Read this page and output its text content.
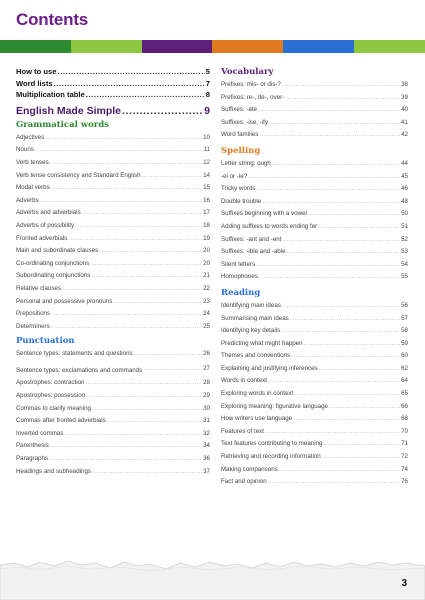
Contents
How to use .....	5
Word lists .....	7
Multiplication table .....	8
English Made Simple .....	9
Grammatical words
Adjectives .....	10
Nouns .....	11
Verb tenses .....	12
Verb tense consistency and Standard English .....	14
Modal verbs .....	15
Adverbs .....	16
Adverbs and adverbials .....	17
Adverbs of possibility .....	18
Fronted adverbials .....	19
Main and subordinate clauses .....	20
Co-ordinating conjunctions .....	20
Subordinating conjunctions .....	21
Relative clauses .....	22
Personal and possessive pronouns .....	23
Prepositions .....	24
Determiners .....	25
Punctuation
Sentence types: statements and questions .....	26
Sentence types: exclamations and commands .....	27
Apostrophes: contraction .....	28
Apostrophes: possession .....	29
Commas to clarify meaning .....	30
Commas after fronted adverbials .....	31
Inverted commas .....	32
Parenthesis .....	34
Paragraphs .....	36
Headings and subheadings .....	37
Vocabulary
Prefixes: mis- or dis-? .....	38
Prefixes: re-, de-, over- .....	39
Suffixes: -ate .....	40
Suffixes: -ise, -ify .....	41
Word families .....	42
Spelling
Letter string: ough .....	44
-ei or -ie? .....	45
Tricky words .....	46
Double trouble .....	48
Suffixes beginning with a vowel .....	50
Adding suffixes to words ending fer .....	51
Suffixes: -ant and -ent .....	52
Suffixes: -ible and -able .....	53
Silent letters .....	54
Homophones .....	55
Reading
Identifying main ideas .....	56
Summarising main ideas .....	57
Identifying key details .....	58
Predicting what might happen .....	59
Themes and conventions .....	60
Explaining and justifying inferences .....	62
Words in context .....	64
Exploring words in context .....	65
Exploring meaning: figurative language .....	66
How writers use language .....	68
Features of text .....	70
Text features contributing to meaning .....	71
Retrieving and recording information .....	72
Making comparisons .....	74
Fact and opinion .....	76
3
